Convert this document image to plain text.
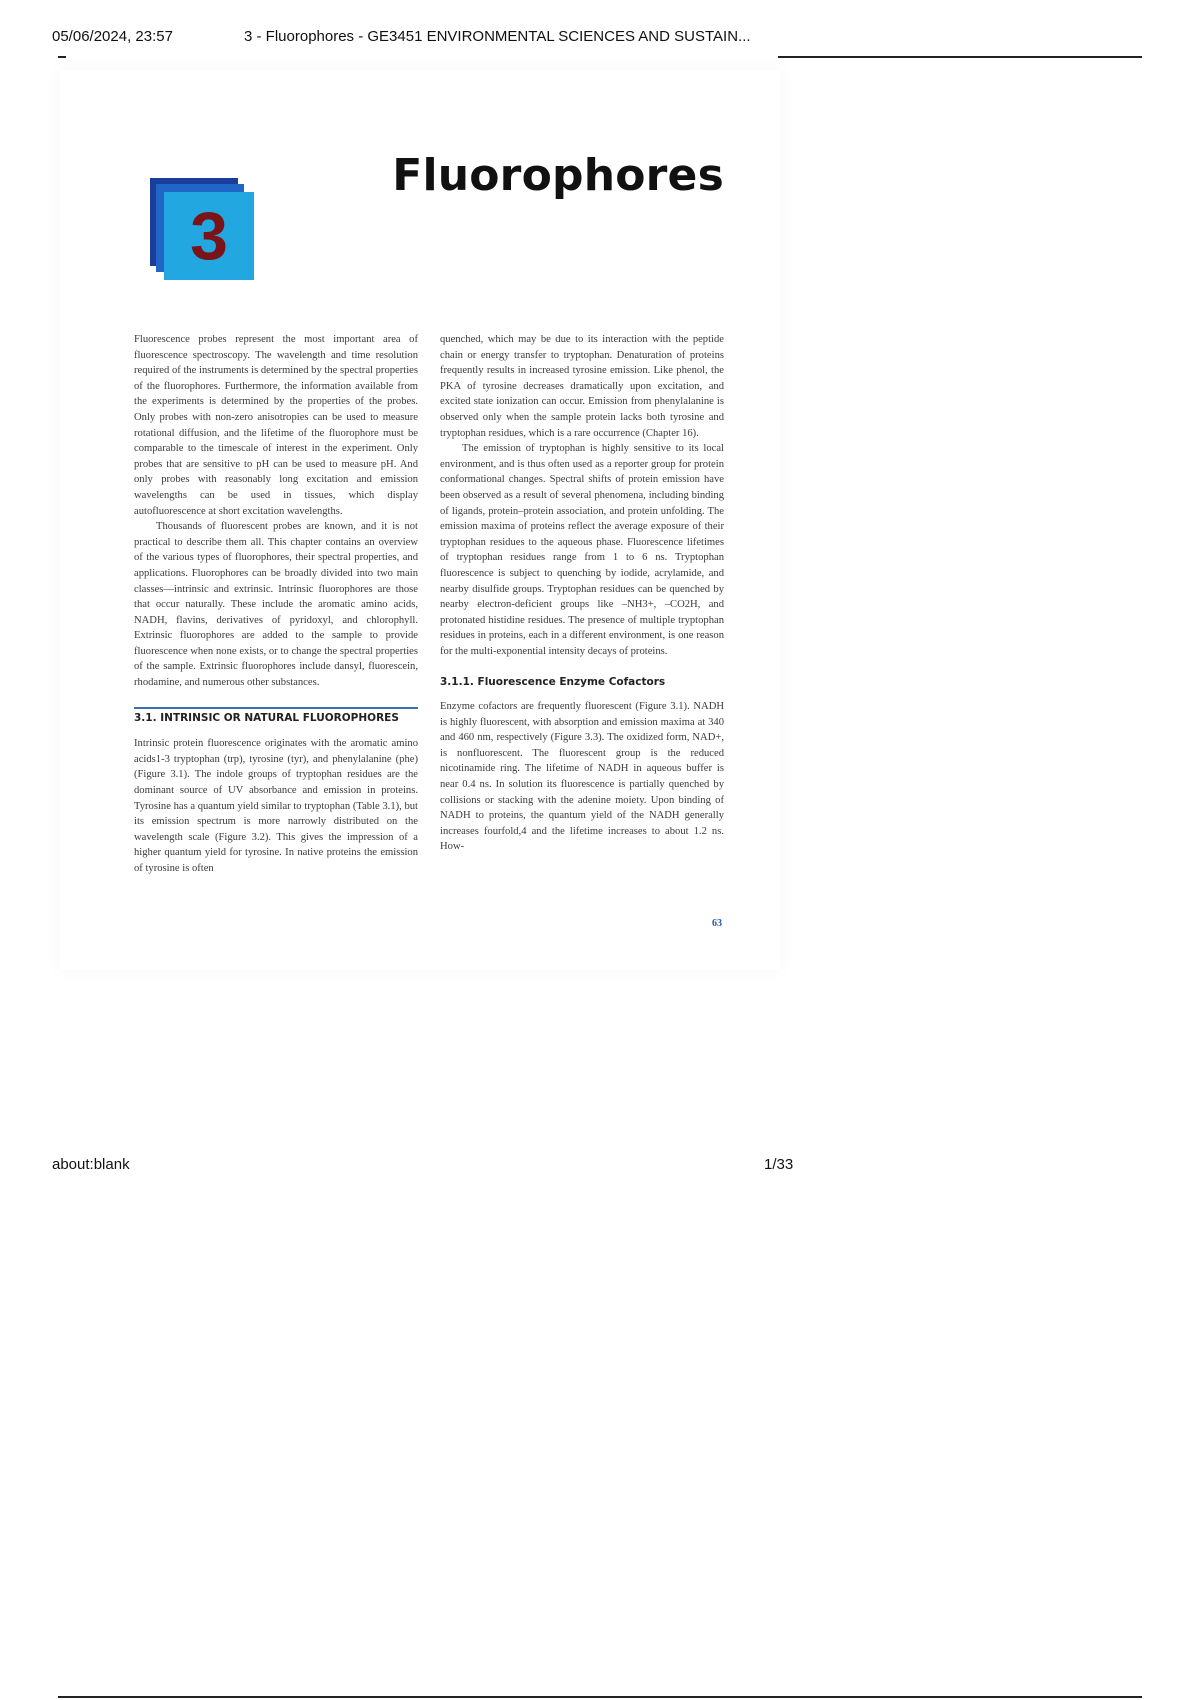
05/06/2024, 23:57	3 - Fluorophores - GE3451 ENVIRONMENTAL SCIENCES AND SUSTAIN...
3
Fluorophores

Fluorescence probes represent the most important area of fluorescence spectroscopy. The wavelength and time resolution required of the instruments is determined by the spectral properties of the fluorophores. Furthermore, the information available from the experiments is determined by the properties of the probes. Only probes with non-zero anisotropies can be used to measure rotational diffusion, and the lifetime of the fluorophore must be comparable to the timescale of interest in the experiment. Only probes that are sensitive to pH can be used to measure pH. And only probes with reasonably long excitation and emission wavelengths can be used in tissues, which display autofluorescence at short excitation wavelengths.

Thousands of fluorescent probes are known, and it is not practical to describe them all. This chapter contains an overview of the various types of fluorophores, their spectral properties, and applications. Fluorophores can be broadly divided into two main classes—intrinsic and extrinsic. Intrinsic fluorophores are those that occur naturally. These include the aromatic amino acids, NADH, flavins, derivatives of pyridoxyl, and chlorophyll. Extrinsic fluorophores are added to the sample to provide fluorescence when none exists, or to change the spectral properties of the sample. Extrinsic fluorophores include dansyl, fluorescein, rhodamine, and numerous other substances.

3.1. INTRINSIC OR NATURAL FLUOROPHORES

Intrinsic protein fluorescence originates with the aromatic amino acids1-3 tryptophan (trp), tyrosine (tyr), and phenylalanine (phe) (Figure 3.1). The indole groups of tryptophan residues are the dominant source of UV absorbance and emission in proteins. Tyrosine has a quantum yield similar to tryptophan (Table 3.1), but its emission spectrum is more narrowly distributed on the wavelength scale (Figure 3.2). This gives the impression of a higher quantum yield for tyrosine. In native proteins the emission of tyrosine is often

quenched, which may be due to its interaction with the peptide chain or energy transfer to tryptophan. Denaturation of proteins frequently results in increased tyrosine emission. Like phenol, the PKA of tyrosine decreases dramatically upon excitation, and excited state ionization can occur. Emission from phenylalanine is observed only when the sample protein lacks both tyrosine and tryptophan residues, which is a rare occurrence (Chapter 16).

The emission of tryptophan is highly sensitive to its local environment, and is thus often used as a reporter group for protein conformational changes. Spectral shifts of protein emission have been observed as a result of several phenomena, including binding of ligands, protein–protein association, and protein unfolding. The emission maxima of proteins reflect the average exposure of their tryptophan residues to the aqueous phase. Fluorescence lifetimes of tryptophan residues range from 1 to 6 ns. Tryptophan fluorescence is subject to quenching by iodide, acrylamide, and nearby disulfide groups. Tryptophan residues can be quenched by nearby electron-deficient groups like –NH3+, –CO2H, and protonated histidine residues. The presence of multiple tryptophan residues in proteins, each in a different environment, is one reason for the multi-exponential intensity decays of proteins.

3.1.1. Fluorescence Enzyme Cofactors

Enzyme cofactors are frequently fluorescent (Figure 3.1). NADH is highly fluorescent, with absorption and emission maxima at 340 and 460 nm, respectively (Figure 3.3). The oxidized form, NAD+, is nonfluorescent. The fluorescent group is the reduced nicotinamide ring. The lifetime of NADH in aqueous buffer is near 0.4 ns. In solution its fluorescence is partially quenched by collisions or stacking with the adenine moiety. Upon binding of NADH to proteins, the quantum yield of the NADH generally increases fourfold,4 and the lifetime increases to about 1.2 ns. How-

63
about:blank	1/33
